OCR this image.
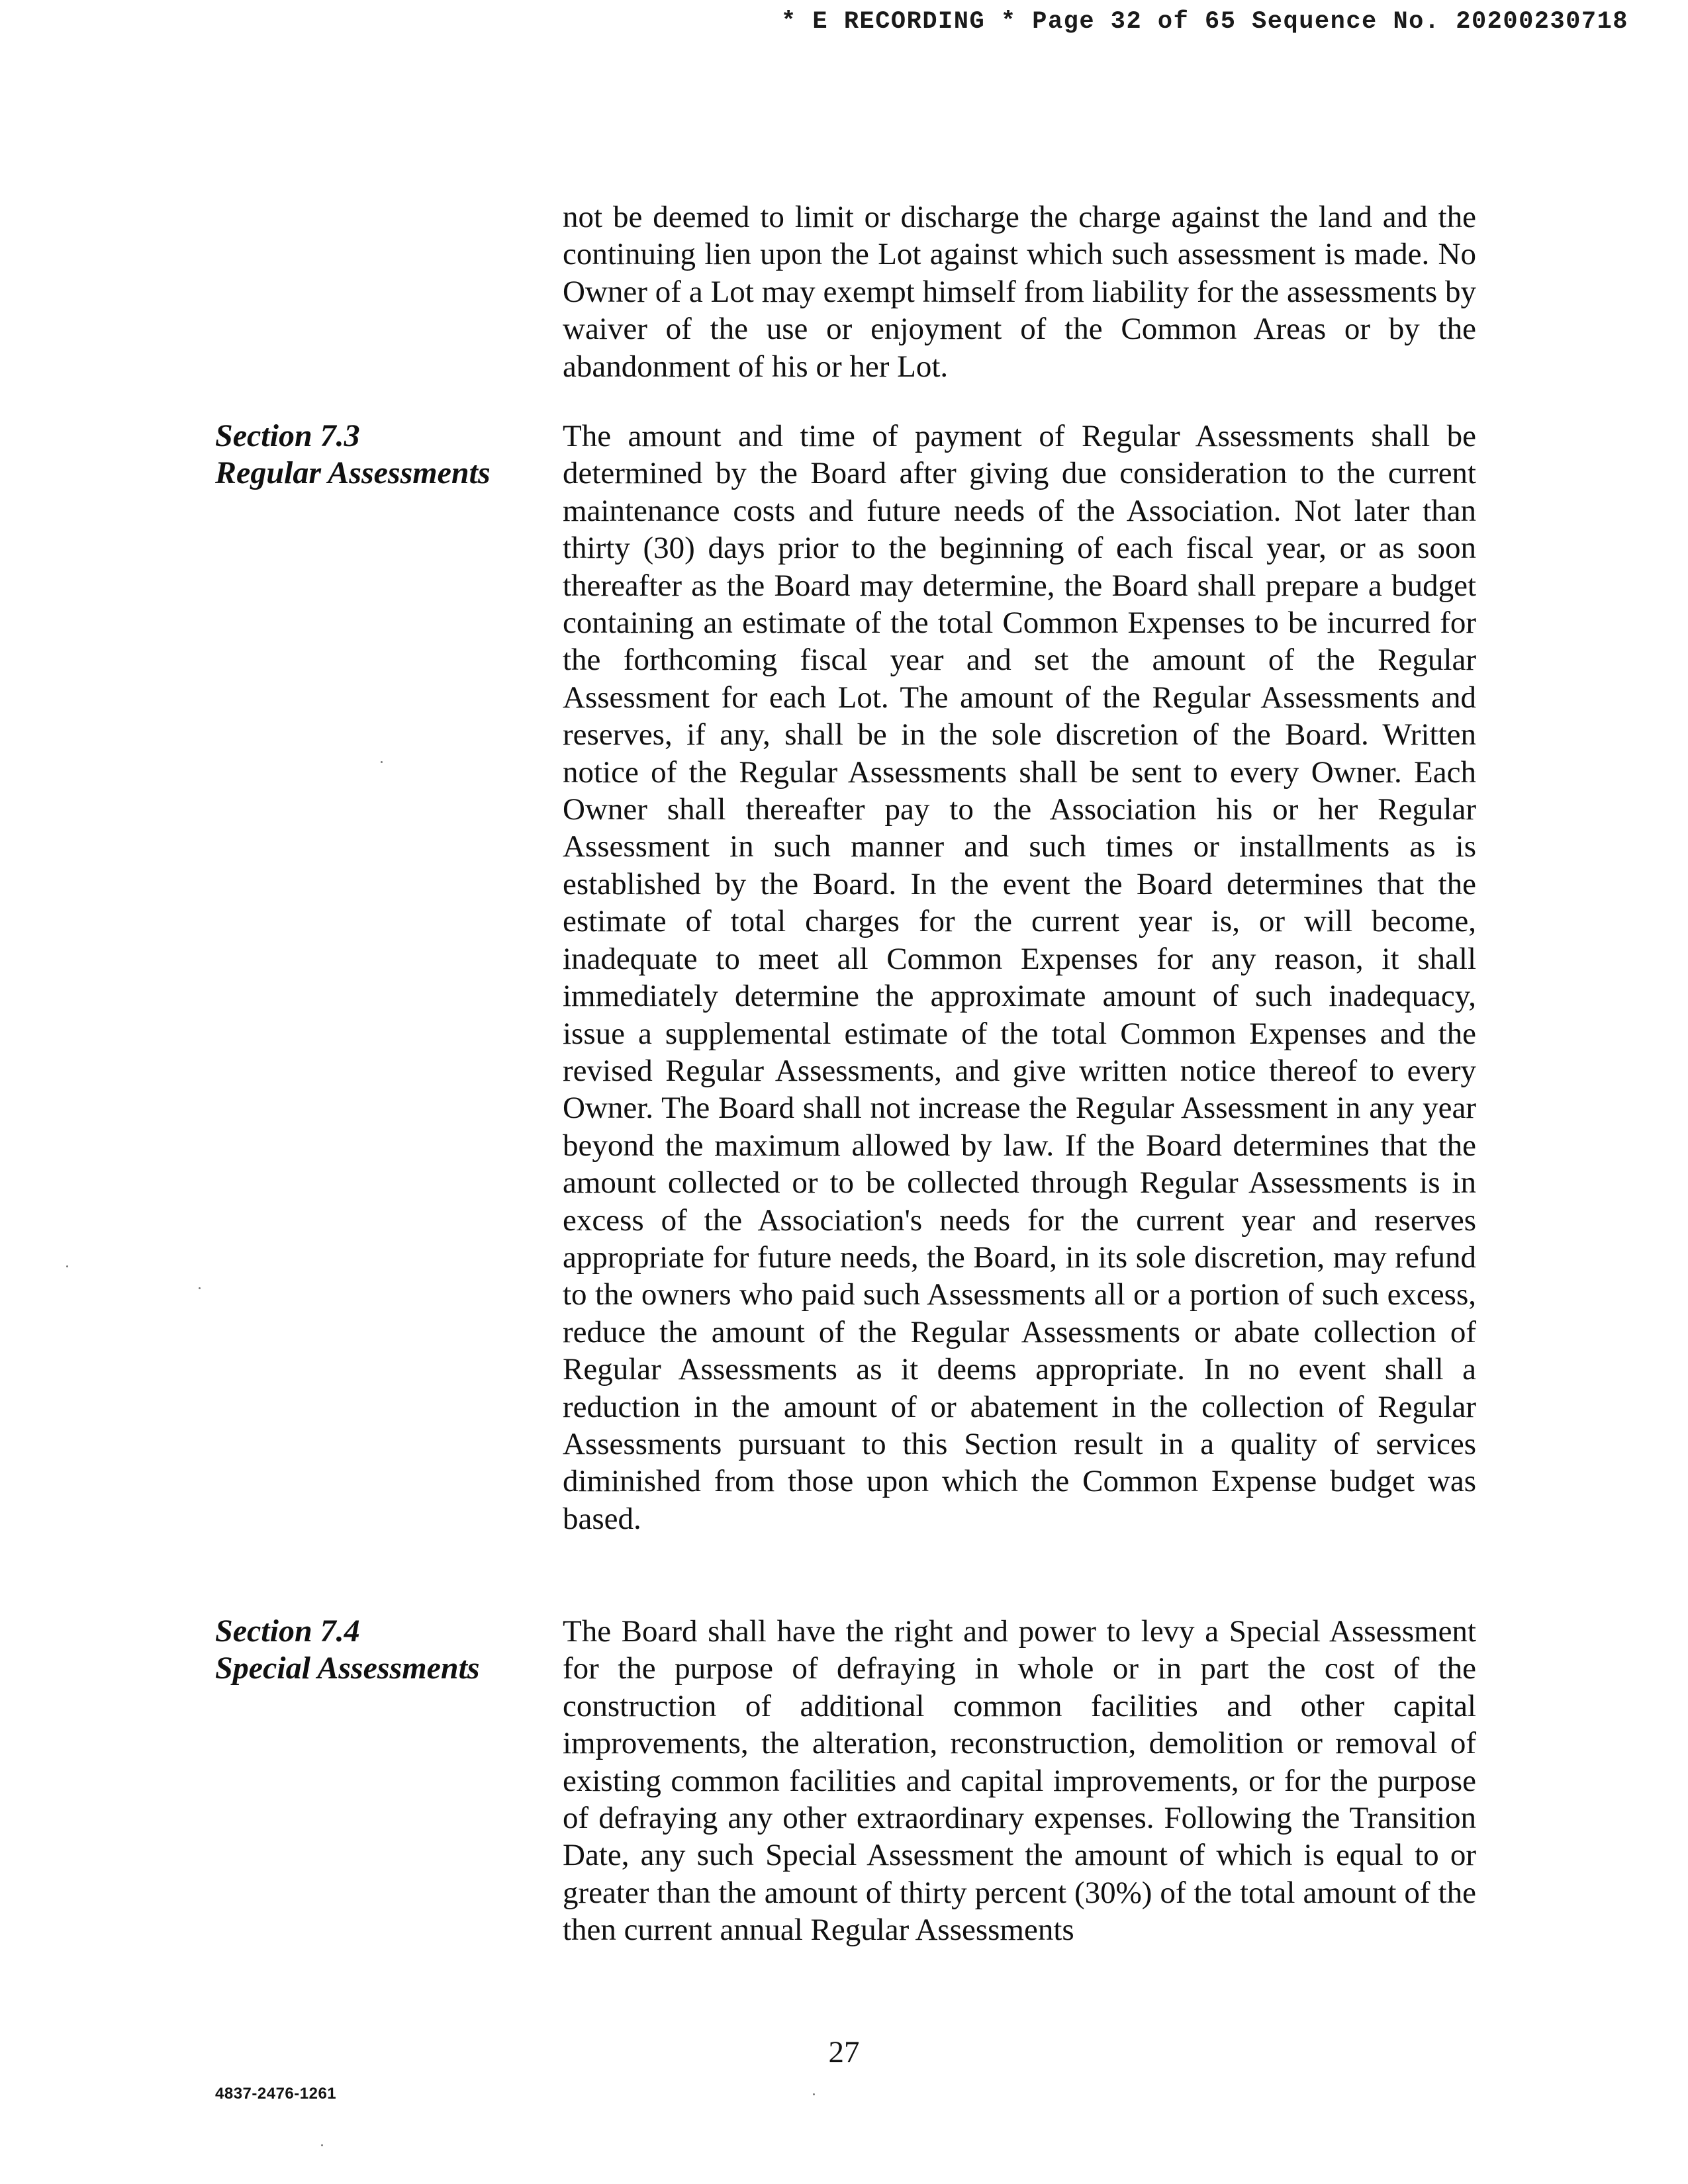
* E RECORDING * Page 32 of 65 Sequence No. 20200230718

not be deemed to limit or discharge the charge against the land and the continuing lien upon the Lot against which such assessment is made. No Owner of a Lot may exempt himself from liability for the assessments by waiver of the use or enjoyment of the Common Areas or by the abandonment of his or her Lot.

Section 7.3
Regular Assessments

The amount and time of payment of Regular Assessments shall be determined by the Board after giving due consideration to the current maintenance costs and future needs of the Association. Not later than thirty (30) days prior to the beginning of each fiscal year, or as soon thereafter as the Board may determine, the Board shall prepare a budget containing an estimate of the total Common Expenses to be incurred for the forthcoming fiscal year and set the amount of the Regular Assessment for each Lot. The amount of the Regular Assessments and reserves, if any, shall be in the sole discretion of the Board. Written notice of the Regular Assessments shall be sent to every Owner. Each Owner shall thereafter pay to the Association his or her Regular Assessment in such manner and such times or installments as is established by the Board. In the event the Board determines that the estimate of total charges for the current year is, or will become, inadequate to meet all Common Expenses for any reason, it shall immediately determine the approximate amount of such inadequacy, issue a supplemental estimate of the total Common Expenses and the revised Regular Assessments, and give written notice thereof to every Owner. The Board shall not increase the Regular Assessment in any year beyond the maximum allowed by law. If the Board determines that the amount collected or to be collected through Regular Assessments is in excess of the Association's needs for the current year and reserves appropriate for future needs, the Board, in its sole discretion, may refund to the owners who paid such Assessments all or a portion of such excess, reduce the amount of the Regular Assessments or abate collection of Regular Assessments as it deems appropriate. In no event shall a reduction in the amount of or abatement in the collection of Regular Assessments pursuant to this Section result in a quality of services diminished from those upon which the Common Expense budget was based.

Section 7.4
Special Assessments

The Board shall have the right and power to levy a Special Assessment for the purpose of defraying in whole or in part the cost of the construction of additional common facilities and other capital improvements, the alteration, reconstruction, demolition or removal of existing common facilities and capital improvements, or for the purpose of defraying any other extraordinary expenses. Following the Transition Date, any such Special Assessment the amount of which is equal to or greater than the amount of thirty percent (30%) of the total amount of the then current annual Regular Assessments

27
4837-2476-1261
